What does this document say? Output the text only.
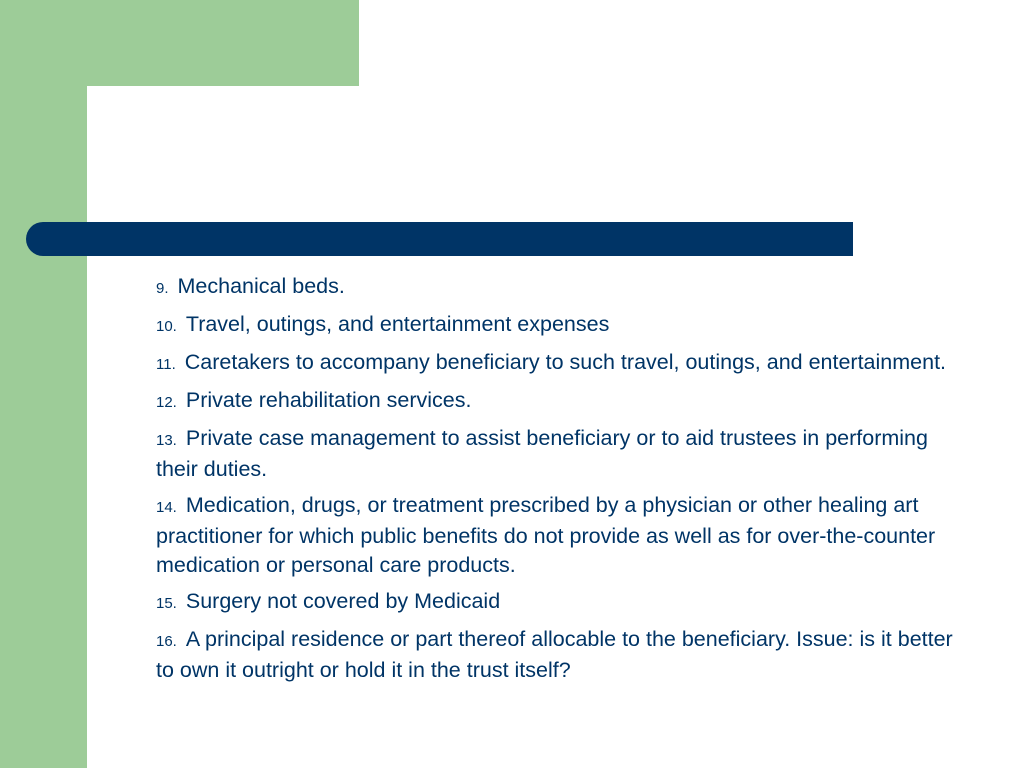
9. Mechanical beds.
10. Travel, outings, and entertainment expenses
11. Caretakers to accompany beneficiary to such travel, outings, and entertainment.
12. Private rehabilitation services.
13. Private case management to assist beneficiary or to aid trustees in performing their duties.
14. Medication, drugs, or treatment prescribed by a physician or other healing art practitioner for which public benefits do not provide as well as for over-the-counter medication or personal care products.
15. Surgery not covered by Medicaid
16. A principal residence or part thereof allocable to the beneficiary. Issue: is it better to own it outright or hold it in the trust itself?
